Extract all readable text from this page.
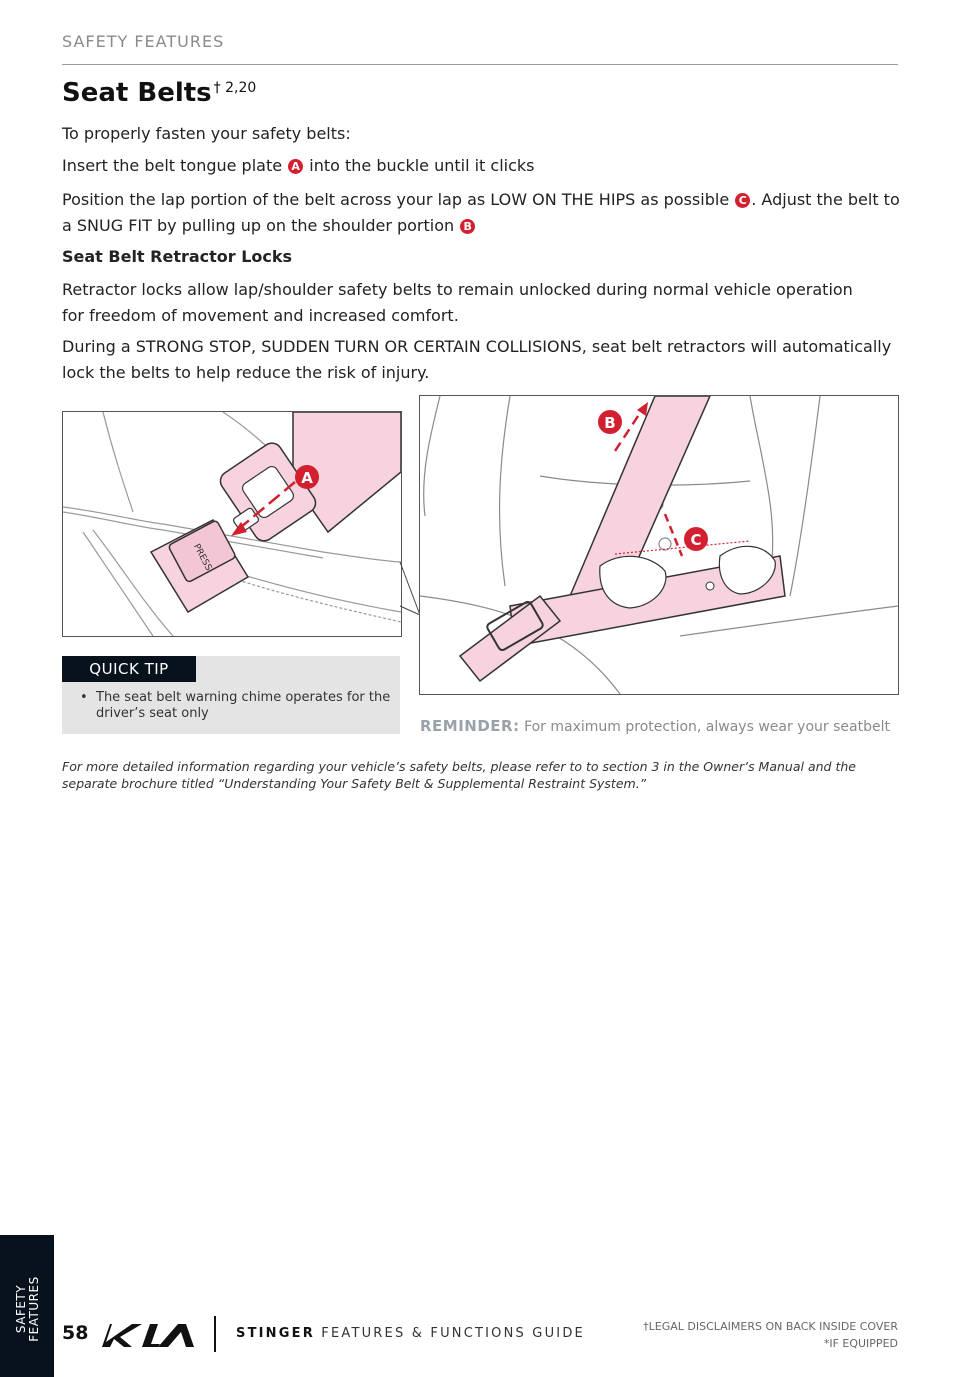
SAFETY FEATURES
Seat Belts $^{\dagger 2,20}$
To properly fasten your safety belts:
Insert the belt tongue plate A into the buckle until it clicks
Position the lap portion of the belt across your lap as LOW ON THE HIPS as possible C . Adjust the belt to a SNUG FIT by pulling up on the shoulder portion B
Seat Belt Retractor Locks
Retractor locks allow lap/shoulder safety belts to remain unlocked during normal vehicle operation for freedom of movement and increased comfort.
During a STRONG STOP, SUDDEN TURN OR CERTAIN COLLISIONS, seat belt retractors will automatically lock the belts to help reduce the risk of injury.
PRESS
A
B
C
QUICK TIP
• The seat belt warning chime operates for the driver’s seat only
REMINDER: For maximum protection, always wear your seatbelt
For more detailed information regarding your vehicle’s safety belts, please refer to to section 3 in the Owner’s Manual and the separate brochure titled “Understanding Your Safety Belt & Supplemental Restraint System.”
SAFETY FEATURES 58	STINGER FEATURES & FUNCTIONS GUIDE	†LEGAL DISCLAIMERS ON BACK INSIDE COVER
*IF EQUIPPED
